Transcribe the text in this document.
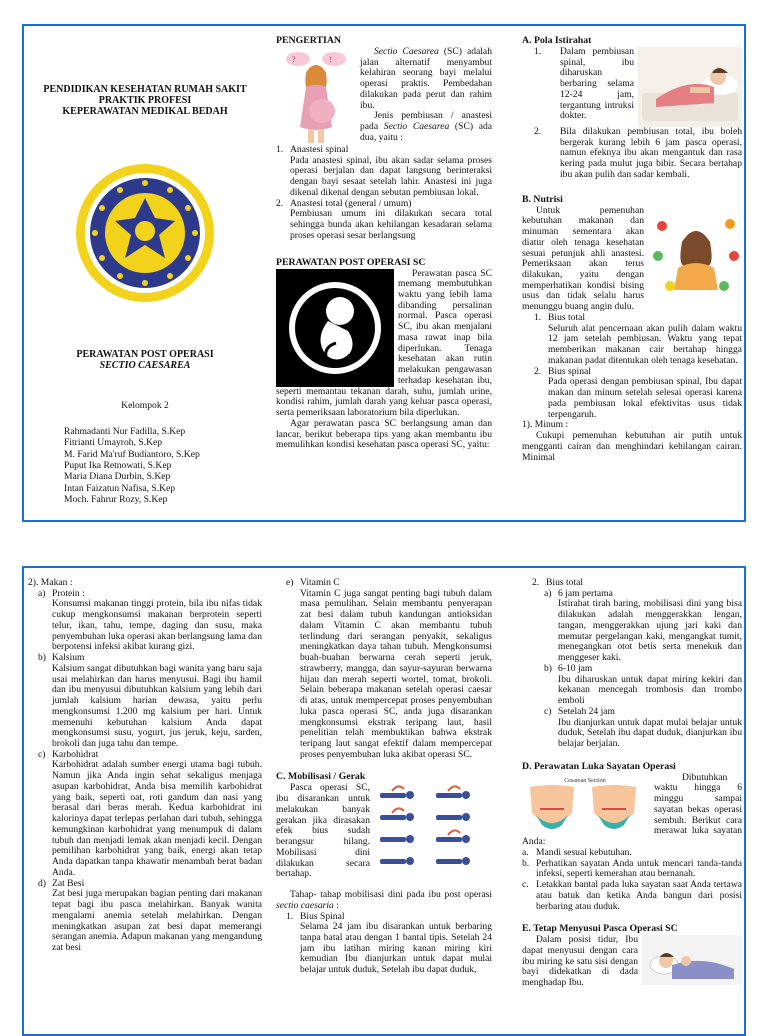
PENDIDIKAN KESEHATAN RUMAH SAKIT
PRAKTIK PROFESI
KEPERAWATAN MEDIKAL BEDAH
PERAWATAN POST OPERASI
SECTIO CAESAREA
Kelompok 2
Rahmadanti Nur Fadilla, S.Kep
Fitrianti Umayroh, S.Kep
M. Farid Ma'ruf Budiantoro, S.Kep
Puput Ika Retnowati, S.Kep
Maria Diana Durbin, S.Kep
Intan Faizatun Nafisa, S.Kep
Moch. Fahrur Rozy, S.Kep
PENGERTIAN
?	!

Sectio Caesarea (SC) adalah jalan alternatif menyambut kelahiran seorang bayi melalui operasi praktis. Pembedahan dilakukan pada perut dan rahim ibu.

Jenis pembiusan / anastesi pada Sectio Caesarea (SC) ada dua, yaitu :

1. Anastesi spinal
Pada anastesi spinal, ibu akan sadar selama proses operasi berjalan dan dapat langsung berinteraksi dengan bayi sesaat setelah lahir. Anastesi ini juga dikenal dikenal dengan sebutan pembiusan lokal.
2. Anastesi total (general / umum)
Pembiusan umum ini dilakukan secara total sehingga bunda akan kehilangan kesadaran selama proses operasi sesar berlangsung
PERAWATAN POST OPERASI SC

Perawatan pasca SC memang membutuhkan waktu yang lebih lama dibanding persalinan normal. Pasca operasi SC, ibu akan menjalani masa rawat inap bila diperlukan. Tenaga kesehatan akan rutin melakukan pengawasan terhadap kesehatan ibu, seperti memantau tekanan darah, suhu, jumlah urine, kondisi rahim, jumlah darah yang keluar pasca operasi, serta pemeriksaan laboratorium bila diperlukan.

Agar perawatan pasca SC berlangsung aman dan lancar, berikut beberapa tips yang akan membantu ibu memulihkan kondisi kesehatan pasca operasi SC, yaitu:

A. Pola Istirahat
1.	Dalam pembiusan spinal, ibu diharuskan berbaring selama 12-24 jam, tergantung intruksi dokter.
2.	Bila dilakukan pembiusan total, ibu boleh bergerak kurang lebih 6 jam pasca operasi, namun efeknya ibu akan mengantuk dan rasa kering pada mulut juga bibir. Secara bertahap ibu akan pulih dan sadar kembali.
B. Nutrisi

Untuk pemenuhan kebutuhan makanan dan minuman sementara akan diatur oleh tenaga kesehatan sesuai petunjuk ahli anastesi. Pemeriksaan akan terus dilakukan, yaitu dengan memperhatikan kondisi bising usus dan tidak selalu harus menunggu buang angin dulu.

1. Bius total
Seluruh alat pencernaan akan pulih dalam waktu 12 jam setelah pembiusan. Waktu yang tepat memberikan makanan cair bertahap hingga makanan padat ditentukan oleh tenaga kesehatan.
2. Bius spinal
Pada operasi dengan pembiusan spinal, Ibu dapat makan dan minum setelah selesai operasi karena pada pembiusan lokal efektivitas usus tidak terpengaruh.
1). Minum :

Cukupi pemenuhan kebutuhan air putih untuk mengganti cairan dan menghindari kehilangan cairan. Minimal

2). Makan :
a) Protein :
Konsumsi makanan tinggi protein, bila ibu nifas tidak cukup mengkonsumsi makanan berprotein seperti telur, ikan, tahu, tempe, daging dan susu, maka penyembuhan luka operasi akan berlangsung lama dan berpotensi infeksi akibat kurang gizi.
b) Kalsium
Kalsium sangat dibutuhkan bagi wanita yang baru saja usai melahirkan dan harus menyusui. Bagi ibu hamil dan ibu menyusui dibutuhkan kalsium yang lebih dari jumlah kalsium harian dewasa, yaitu perlu mengkonsumsi 1.200 mg kalsium per hari. Untuk memenuhi kebutuhan kalsium Anda dapat mengkonsumsi susu, yogurt, jus jeruk, keju, sarden, brokoli dan juga tahu dan tempe.
c) Karbohidrat
Karbohidrat adalah sumber energi utama bagi tubuh. Namun jika Anda ingin sehat sekaligus menjaga asupan karbohidrat, Anda bisa memilih karbohidrat yang baik, seperti oat, roti gandum dan nasi yang berasal dari beras merah. Kedua karbohidrat ini kalorinya dapat terlepas perlahan dari tubuh, sehingga kemungkinan karbohidrat yang menumpuk di dalam tubuh dan menjadi lemak akan menjadi kecil. Dengan pemilihan karbohidrat yang baik, energi akan tetap Anda dapatkan tanpa khawatir menambah berat badan Anda.
d) Zat Besi
Zat besi juga merupakan bagian penting dari makanan tepat bagi ibu pasca melahirkan. Banyak wanita mengalami anemia setelah melahirkan. Dengan meningkatkan asupan zat besi dapat memerangi serangan anemia. Adapun makanan yang mengandung zat besi
e) Vitamin C
Vitamin C juga sangat penting bagi tubuh dalam masa pemulihan. Selain membantu penyerapan zat besi dalam tubuh kandungan antioksidan dalam Vitamin C akan membantu tubuh terlindung dari serangan penyakit, sekaligus meningkatkan daya tahan tubuh. Mengkonsumsi buah-buahan berwarna cerah seperti jeruk, strawberry, mangga, dan sayur-sayuran berwarna hijau dan merah seperti wortel, tomat, brokoli. Selain beberapa makanan setelah operasi caesar di atas, untuk mempercepat proses penyembuhan luka pasca operasi SC, anda juga disarankan mengkonsumsi ekstrak teripang laut, hasil penelitian telah membuktikan bahwa ekstrak teripang laut sangat efektif dalam mempercepat proses penyembuhan luka akibat operasi SC.
C. Mobilisasi / Gerak

Pasca operasi SC, ibu disarankan untuk melakukan banyak gerakan jika dirasakan efek bius sudah berangsur hilang. Mobilisasi dini dilakukan secara bertahap.

Tahap- tahap mobilisasi dini pada ibu post operasi sectio caesaria :

1. Bius Spinal
Selama 24 jam ibu disarankan untuk berbaring tanpa batal atau dengan 1 bantal tipis. Setelah 24 jam ibu latihan miring kanan miring kiri kemudian Ibu dianjurkan untuk dapat mulai belajar untuk duduk, Setelah ibu dapat duduk,
2. Bius total
a) 6 jam pertama
Istirahat tirah baring, mobilisasi dini yang bisa dilakukan adalah menggerakkan lengan, tangan, menggerakkan ujung jari kaki dan memutar pergelangan kaki, mengangkat tumit, menegangkan otot betis serta menekuk dan menggeser kaki.
b) 6-10 jam
Ibu diharuskan untuk dapat miring kekiri dan kekanan mencegah trombosis dan trombo emboli
c) Setelah 24 jam
Ibu dianjurkan untuk dapat mulai belajar untuk duduk, Setelah ibu dapat duduk, dianjurkan ibu belajar berjalan.
D. Perawatan Luka Sayatan Operasi
Cesarean Section	Dibutuhkan waktu hingga 6 minggu sampai sayatan bekas operasi sembuh. Berikut cara merawat luka sayatan Anda:

a. Mandi sesuai kebutuhan.
b. Perhatikan sayatan Anda untuk mencari tanda-tanda infeksi, seperti kemerahan atau bernanah.
c. Letakkan bantal pada luka sayatan saat Anda tertawa atau batuk dan ketika Anda bangun dari posisi berbaring atau duduk.
E. Tetap Menyusui Pasca Operasi SC

Dalam posisi tidur, Ibu dapat menyusui dengan cara ibu miring ke satu sisi dengan bayi didekatkan di dada menghadap Ibu.
